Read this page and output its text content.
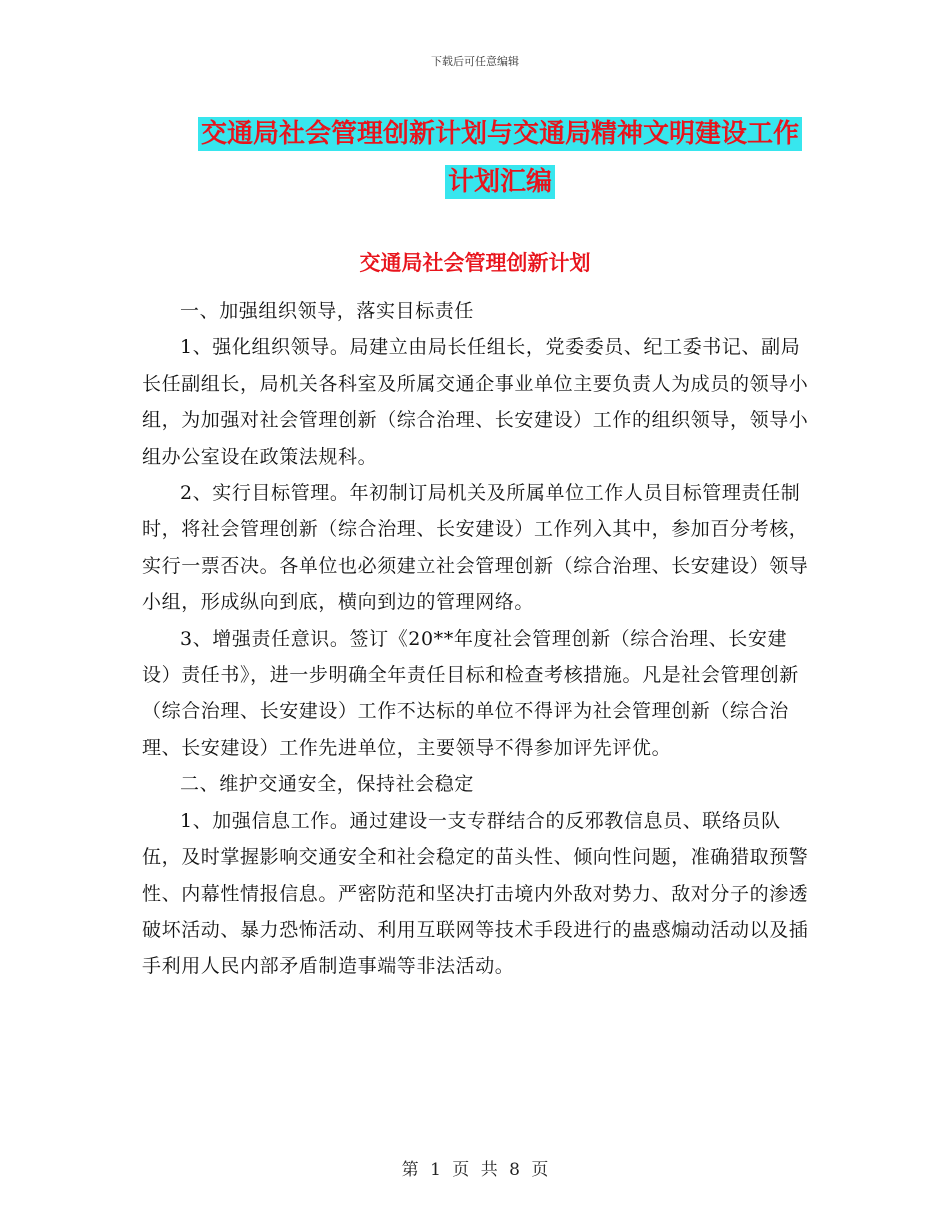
下载后可任意编辑
交通局社会管理创新计划与交通局精神文明建设工作
计划汇编
交通局社会管理创新计划

一、加强组织领导，落实目标责任

1、强化组织领导。局建立由局长任组长，党委委员、纪工委书记、副局长任副组长，局机关各科室及所属交通企事业单位主要负责人为成员的领导小组，为加强对社会管理创新（综合治理、长安建设）工作的组织领导，领导小组办公室设在政策法规科。

2、实行目标管理。年初制订局机关及所属单位工作人员目标管理责任制时，将社会管理创新（综合治理、长安建设）工作列入其中，参加百分考核，实行一票否决。各单位也必须建立社会管理创新（综合治理、长安建设）领导小组，形成纵向到底，横向到边的管理网络。

3、增强责任意识。签订《20**年度社会管理创新（综合治理、长安建设）责任书》，进一步明确全年责任目标和检查考核措施。凡是社会管理创新（综合治理、长安建设）工作不达标的单位不得评为社会管理创新（综合治理、长安建设）工作先进单位，主要领导不得参加评先评优。

二、维护交通安全，保持社会稳定

1、加强信息工作。通过建设一支专群结合的反邪教信息员、联络员队伍，及时掌握影响交通安全和社会稳定的苗头性、倾向性问题，准确猎取预警性、内幕性情报信息。严密防范和坚决打击境内外敌对势力、敌对分子的渗透破坏活动、暴力恐怖活动、利用互联网等技术手段进行的蛊惑煽动活动以及插手利用人民内部矛盾制造事端等非法活动。

第 1 页 共 8 页
